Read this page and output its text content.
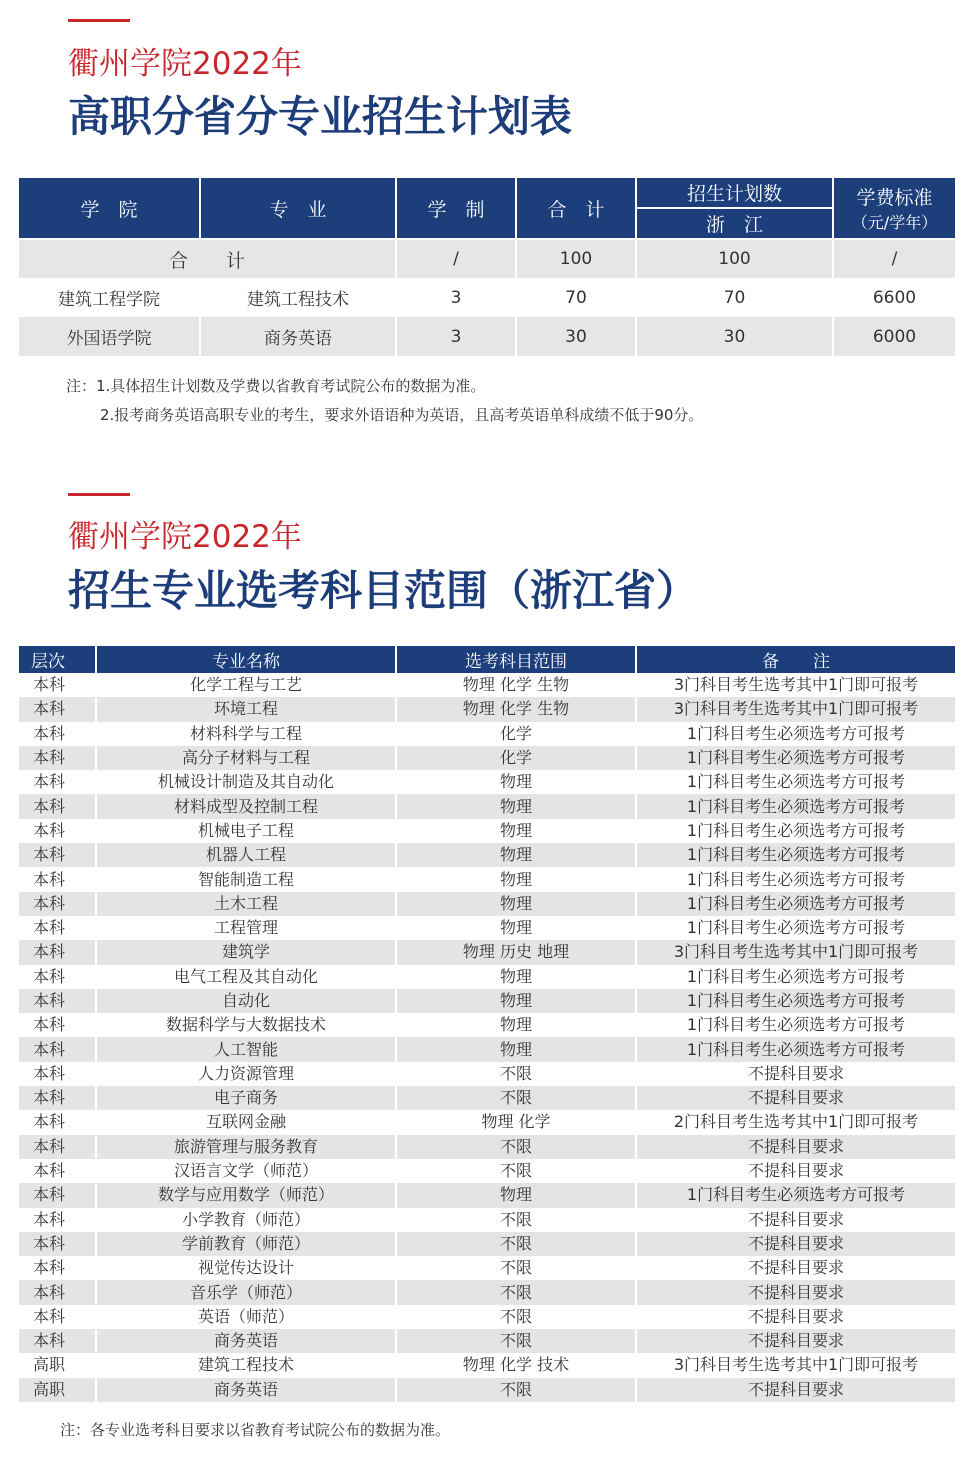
衢州学院2022年
高职分省分专业招生计划表
学　院	专　业	学　制	合　计	招生计划数	学费标准
（元/学年）

				浙　江	
合　　计		/	100	100	/
建筑工程学院	建筑工程技术	3	70	70	6600
外国语学院	商务英语	3	30	30	6000
注：1.具体招生计划数及学费以省教育考试院公布的数据为准。
2.报考商务英语高职专业的考生，要求外语语种为英语，且高考英语单科成绩不低于90分。
衢州学院2022年
招生专业选考科目范围（浙江省）
层次	专业名称	选考科目范围	备　　注
本科	化学工程与工艺	物理 化学 生物	3门科目考生选考其中1门即可报考
本科	环境工程	物理 化学 生物	3门科目考生选考其中1门即可报考
本科	材料科学与工程	化学	1门科目考生必须选考方可报考
本科	高分子材料与工程	化学	1门科目考生必须选考方可报考
本科	机械设计制造及其自动化	物理	1门科目考生必须选考方可报考
本科	材料成型及控制工程	物理	1门科目考生必须选考方可报考
本科	机械电子工程	物理	1门科目考生必须选考方可报考
本科	机器人工程	物理	1门科目考生必须选考方可报考
本科	智能制造工程	物理	1门科目考生必须选考方可报考
本科	土木工程	物理	1门科目考生必须选考方可报考
本科	工程管理	物理	1门科目考生必须选考方可报考
本科	建筑学	物理 历史 地理	3门科目考生选考其中1门即可报考
本科	电气工程及其自动化	物理	1门科目考生必须选考方可报考
本科	自动化	物理	1门科目考生必须选考方可报考
本科	数据科学与大数据技术	物理	1门科目考生必须选考方可报考
本科	人工智能	物理	1门科目考生必须选考方可报考
本科	人力资源管理	不限	不提科目要求
本科	电子商务	不限	不提科目要求
本科	互联网金融	物理 化学	2门科目考生选考其中1门即可报考
本科	旅游管理与服务教育	不限	不提科目要求
本科	汉语言文学（师范）	不限	不提科目要求
本科	数学与应用数学（师范）	物理	1门科目考生必须选考方可报考
本科	小学教育（师范）	不限	不提科目要求
本科	学前教育（师范）	不限	不提科目要求
本科	视觉传达设计	不限	不提科目要求
本科	音乐学（师范）	不限	不提科目要求
本科	英语（师范）	不限	不提科目要求
本科	商务英语	不限	不提科目要求
高职	建筑工程技术	物理 化学 技术	3门科目考生选考其中1门即可报考
高职	商务英语	不限	不提科目要求
注：各专业选考科目要求以省教育考试院公布的数据为准。
